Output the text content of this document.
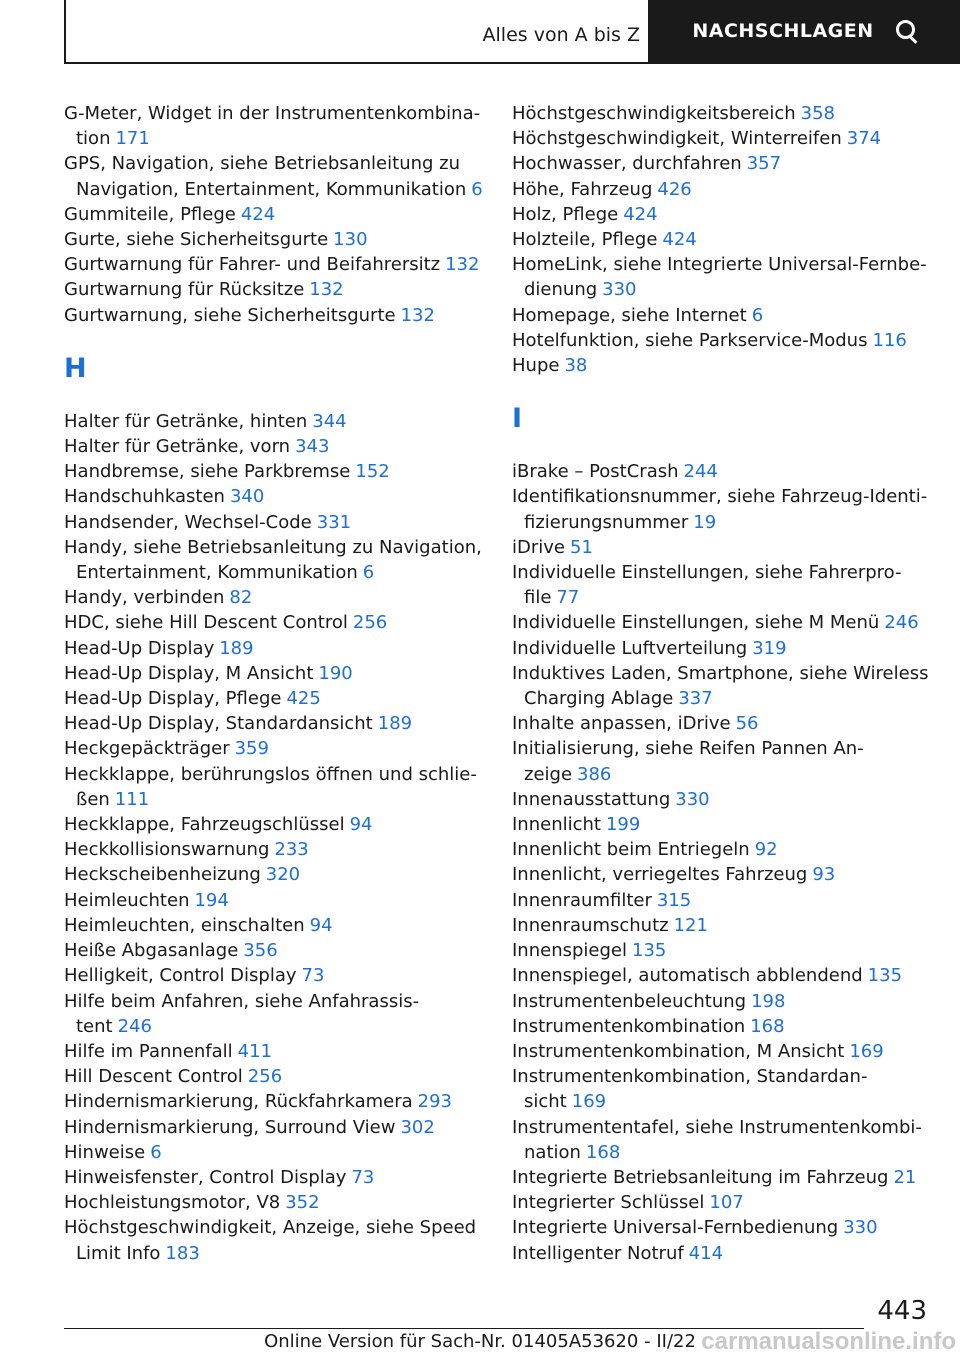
Alles von A bis Z	NACHSCHLAGEN
G-Meter, Widget in der Instrumentenkombina-tion 171
GPS, Navigation, siehe Betriebsanleitung zu Navigation, Entertainment, Kommunikation 6
Gummiteile, Pflege 424
Gurte, siehe Sicherheitsgurte 130
Gurtwarnung für Fahrer- und Beifahrersitz 132
Gurtwarnung für Rücksitze 132
Gurtwarnung, siehe Sicherheitsgurte 132
H
Halter für Getränke, hinten 344
Halter für Getränke, vorn 343
Handbremse, siehe Parkbremse 152
Handschuhkasten 340
Handsender, Wechsel-Code 331
Handy, siehe Betriebsanleitung zu Navigation, Entertainment, Kommunikation 6
Handy, verbinden 82
HDC, siehe Hill Descent Control 256
Head-Up Display 189
Head-Up Display, M Ansicht 190
Head-Up Display, Pflege 425
Head-Up Display, Standardansicht 189
Heckgepäckträger 359
Heckklappe, berührungslos öffnen und schlie-ßen 111
Heckklappe, Fahrzeugschlüssel 94
Heckkollisionswarnung 233
Heckscheibenheizung 320
Heimleuchten 194
Heimleuchten, einschalten 94
Heiße Abgasanlage 356
Helligkeit, Control Display 73
Hilfe beim Anfahren, siehe Anfahrassis-tent 246
Hilfe im Pannenfall 411
Hill Descent Control 256
Hindernismarkierung, Rückfahrkamera 293
Hindernismarkierung, Surround View 302
Hinweise 6
Hinweisfenster, Control Display 73
Hochleistungsmotor, V8 352
Höchstgeschwindigkeit, Anzeige, siehe Speed Limit Info 183
Höchstgeschwindigkeitsbereich 358
Höchstgeschwindigkeit, Winterreifen 374
Hochwasser, durchfahren 357
Höhe, Fahrzeug 426
Holz, Pflege 424
Holzteile, Pflege 424
HomeLink, siehe Integrierte Universal-Fernbe-dienung 330
Homepage, siehe Internet 6
Hotelfunktion, siehe Parkservice-Modus 116
Hupe 38
I
iBrake – PostCrash 244
Identifikationsnummer, siehe Fahrzeug-Identi-fizierungsnummer 19
iDrive 51
Individuelle Einstellungen, siehe Fahrerpro-file 77
Individuelle Einstellungen, siehe M Menü 246
Individuelle Luftverteilung 319
Induktives Laden, Smartphone, siehe Wireless Charging Ablage 337
Inhalte anpassen, iDrive 56
Initialisierung, siehe Reifen Pannen An-zeige 386
Innenausstattung 330
Innenlicht 199
Innenlicht beim Entriegeln 92
Innenlicht, verriegeltes Fahrzeug 93
Innenraumfilter 315
Innenraumschutz 121
Innenspiegel 135
Innenspiegel, automatisch abblendend 135
Instrumentenbeleuchtung 198
Instrumentenkombination 168
Instrumentenkombination, M Ansicht 169
Instrumentenkombination, Standardan-sicht 169
Instrumententafel, siehe Instrumentenkombi-nation 168
Integrierte Betriebsanleitung im Fahrzeug 21
Integrierter Schlüssel 107
Integrierte Universal-Fernbedienung 330
Intelligenter Notruf 414
443
Online Version für Sach-Nr. 01405A53620 - II/22 carmanualsonline.info
